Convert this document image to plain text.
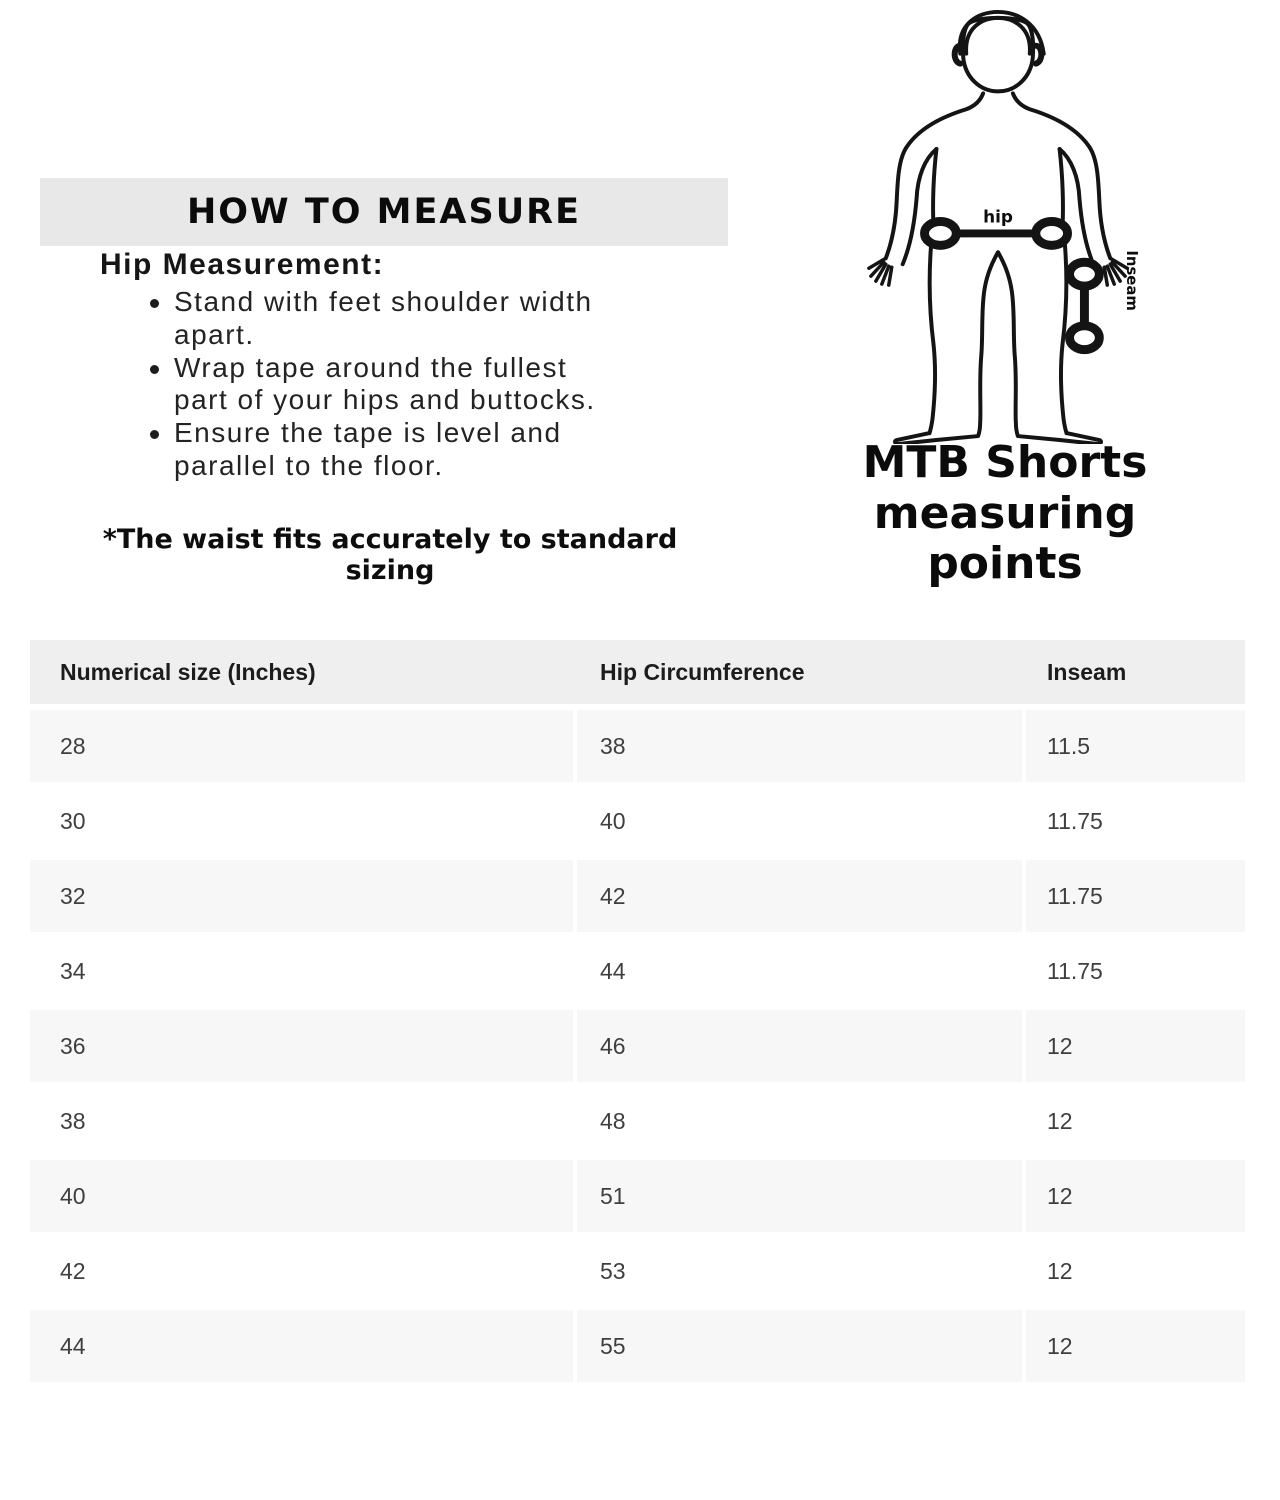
HOW TO MEASURE
Hip Measurement:
Stand with feet shoulder width apart.
Wrap tape around the fullest part of your hips and buttocks.
Ensure the tape is level and parallel to the floor.
*The waist fits accurately to standard sizing
hip
Inseam
MTB Shorts
measuring
points
Numerical size (Inches)	Hip Circumference	Inseam
28	38	11.5
30	40	11.75
32	42	11.75
34	44	11.75
36	46	12
38	48	12
40	51	12
42	53	12
44	55	12
